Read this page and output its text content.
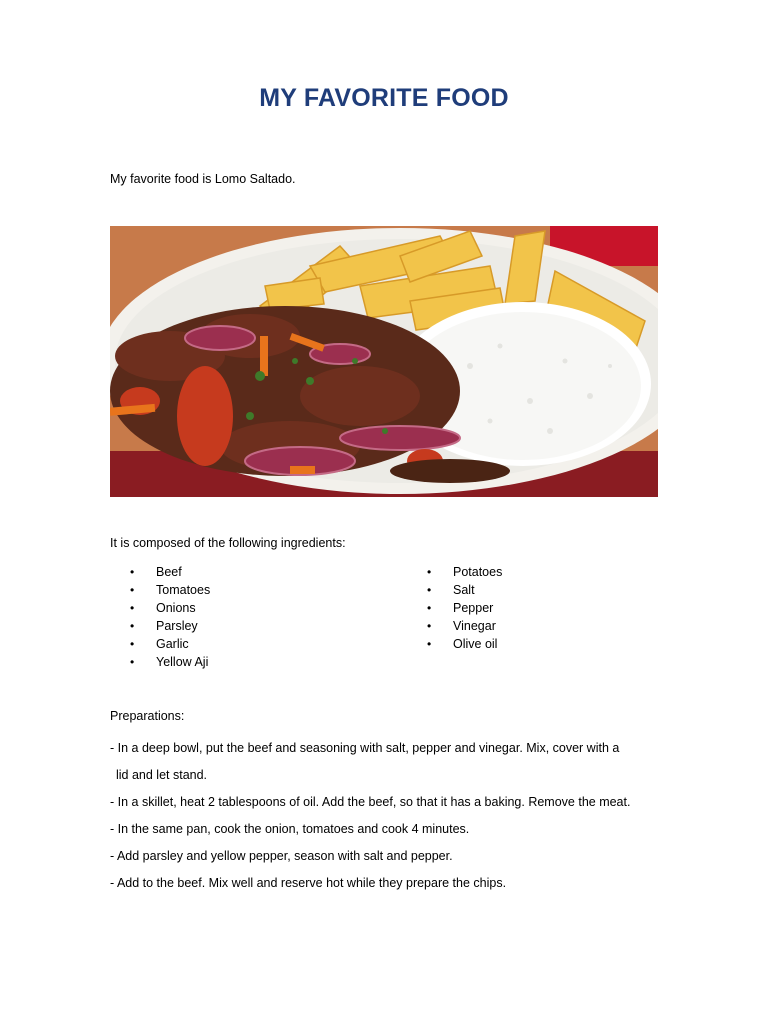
MY FAVORITE FOOD
My favorite food is Lomo Saltado.
It is composed of the following ingredients:
• Beef
• Tomatoes
• Onions
• Parsley
• Garlic
• Yellow Aji
• Potatoes
• Salt
• Pepper
• Vinegar
• Olive oil
Preparations:
- In a deep bowl, put the beef and seasoning with salt, pepper and vinegar. Mix, cover with a
lid and let stand.
- In a skillet, heat 2 tablespoons of oil. Add the beef, so that it has a baking. Remove the meat.
- In the same pan, cook the onion, tomatoes and cook 4 minutes.
- Add parsley and yellow pepper, season with salt and pepper.
- Add to the beef. Mix well and reserve hot while they prepare the chips.
